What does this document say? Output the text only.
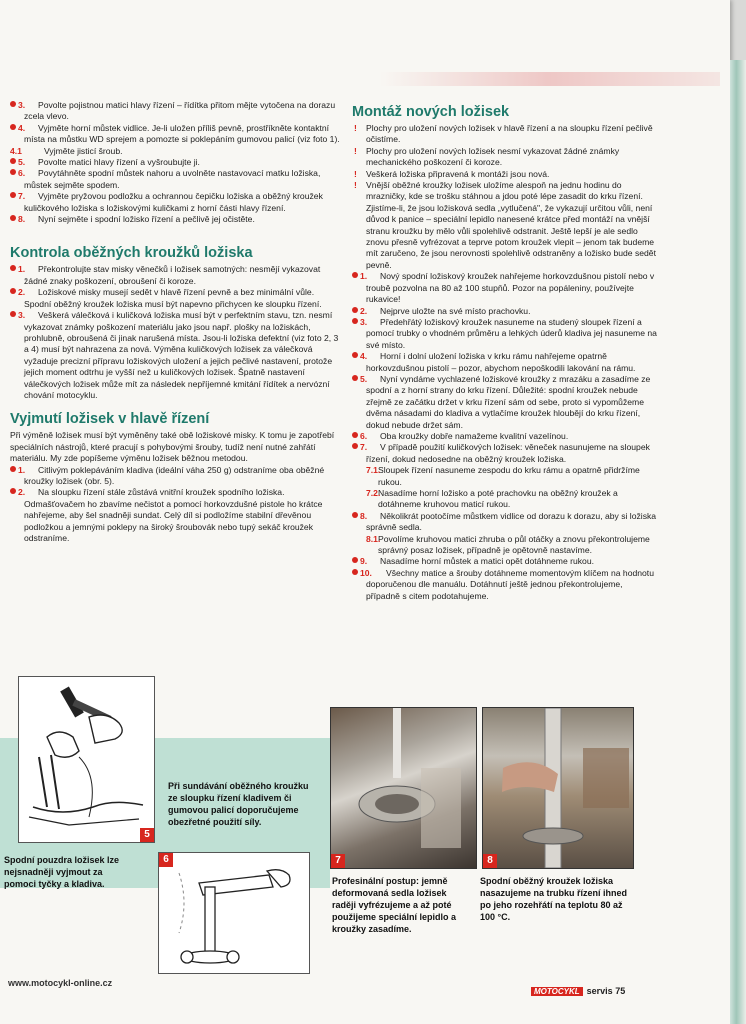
3. Povolte pojistnou matici hlavy řízení – řídítka přitom mějte vytočena na dorazu zcela vlevo.
4. Vyjměte horní můstek vidlice. Je-li uložen příliš pevně, prostříkněte kontaktní místa na můstku WD sprejem a pomozte si poklepáním gumovou palicí (viz foto 1).
4.1	Vyjměte jisticí šroub.
5. Povolte matici hlavy řízení a vyšroubujte ji.
6. Povytáhněte spodní můstek nahoru a uvolněte nastavovací matku ložiska, můstek sejměte spodem.
7. Vyjměte pryžovou podložku a ochrannou čepičku ložiska a oběžný kroužek kuličkového ložiska s ložiskovými kuličkami z horní části hlavy řízení.
8. Nyní sejměte i spodní ložisko řízení a pečlivě jej očistěte.
Kontrola oběžných kroužků ložiska
1. Překontrolujte stav misky věnečků i ložisek samotných: nesmějí vykazovat žádné znaky poškození, obroušení či koroze.
2. Ložiskové misky musejí sedět v hlavě řízení pevně a bez minimální vůle. Spodní oběžný kroužek ložiska musí být napevno přichycen ke sloupku řízení.
3. Veškerá válečková i kuličková ložiska musí být v perfektním stavu, tzn. nesmí vykazovat známky poškození materiálu jako jsou např. plošky na ložiskách, prohlubně, obroušená či jinak narušená místa. Jsou-li ložiska defektní (viz foto 2, 3 a 4) musí být nahrazena za nová. Výměna kuličkových ložisek za válečková vyžaduje precizní přípravu ložiskových uložení a jejich pečlivé nastavení, protože jejich moment odtrhu je vyšší než u kuličkových ložisek. Špatně nastavení válečkových ložisek může mít za následek nepříjemné kmitání řídítek a nervózní chování motocyklu.
Vyjmutí ložisek v hlavě řízení

Při výměně ložisek musí být vyměněny také obě ložiskové misky. K tomu je zapotřebí speciálních nástrojů, které pracují s pohybovými šrouby, tudíž není nutné zahřátí materiálu. My zde popíšeme výměnu ložisek běžnou metodou.

1. Citlivým poklepáváním kladiva (ideální váha 250 g) odstraníme oba oběžné kroužky ložisek (obr. 5).
2. Na sloupku řízení stále zůstává vnitřní kroužek spodního ložiska. Odmašťovačem ho zbavíme nečistot a pomocí horkovzdušné pistole ho krátce nahřejeme, aby šel snadněji sundat. Celý díl si podložíme stabilní dřevěnou podložkou a jemnými poklepy na široký šroubovák nebo tupý sekáč kroužek odstraníme.
Montáž nových ložisek
! Plochy pro uložení nových ložisek v hlavě řízení a na sloupku řízení pečlivě očistíme.
! Plochy pro uložení nových ložisek nesmí vykazovat žádné známky mechanického poškození či koroze.
! Veškerá ložiska připravená k montáži jsou nová.
! Vnější oběžné kroužky ložisek uložíme alespoň na jednu hodinu do mrazničky, kde se trošku stáhnou a jdou poté lépe zasadit do krku řízení. Zjistíme-li, že jsou ložisková sedla „vytlučená", že vykazují určitou vůli, není důvod k panice – speciální lepidlo nanesené krátce před montáží na vnější stranu kroužku by mělo vůli spolehlivě odstranit. Ještě lepší je ale sedlo znovu přesně vyfrézovat a teprve potom kroužek vlepit – jenom tak budeme mít zaručeno, že jsou nerovnosti spolehlivě odstraněny a ložisko bude sedět pevně.
1. Nový spodní ložiskový kroužek nahřejeme horkovzdušnou pistolí nebo v troubě pozvolna na 80 až 100 stupňů. Pozor na popáleniny, používejte rukavice!
2. Nejprve uložte na své místo prachovku.
3. Předehřátý ložiskový kroužek nasuneme na studený sloupek řízení a pomocí trubky o vhodném průměru a lehkých úderů kladiva jej nasuneme na své místo.
4. Horní i dolní uložení ložiska v krku rámu nahřejeme opatrně horkovzdušnou pistolí – pozor, abychom nepoškodili lakování na rámu.
5. Nyní vyndáme vychlazené ložiskové kroužky z mrazáku a zasadíme ze spodní a z horní strany do krku řízení. Důležité: spodní kroužek nebude zřejmě ze začátku držet v krku řízení sám od sebe, proto si vypomůžeme dvěma násadami do kladiva a vytlačíme kroužek hloubějí do krku řízení, dokud nebude držet sám.
6. Oba kroužky dobře namažeme kvalitní vazelínou.
7. V případě použití kuličkových ložisek: věneček nasunujeme na sloupek řízení, dokud nedosedne na oběžný kroužek ložiska.
7.1.
Sloupek řízení nasuneme zespodu do krku rámu a opatrně přidržíme rukou.
7.2.
Nasadíme horní ložisko a poté prachovku na oběžný kroužek a dotáhneme kruhovou maticí rukou.
8. Několikrát pootočíme můstkem vidlice od dorazu k dorazu, aby si ložiska správně sedla.
8.1.
Povolíme kruhovou matici zhruba o půl otáčky a znovu překontrolujeme správný posaz ložisek, případně je opětovně nastavíme.
9. Nasadíme horní můstek a matici opět dotáhneme rukou.
10. Všechny matice a šrouby dotáhneme momentovým klíčem na hodnotu doporučenou dle manuálu. Dotáhnutí ještě jednou překontrolujeme, případně s citem podotahujeme.
5
Spodní pouzdra ložisek lze nejsnadněji vyjmout za pomoci tyčky a kladiva.
Při sundávání oběžného kroužku ze sloupku řízení kladivem či gumovou palicí doporučujeme obezřetné použití síly.
6	7
Profesinální postup: jemně deformovaná sedla ložisek raději vyfrézujeme a až poté použijeme speciální lepidlo a kroužky zasadíme.
8
Spodní oběžný kroužek ložiska nasazujeme na trubku řízení ihned po jeho rozehřátí na teplotu 80 až 100 °C.
www.motocykl-online.cz
MOTOCYKL servis 75
